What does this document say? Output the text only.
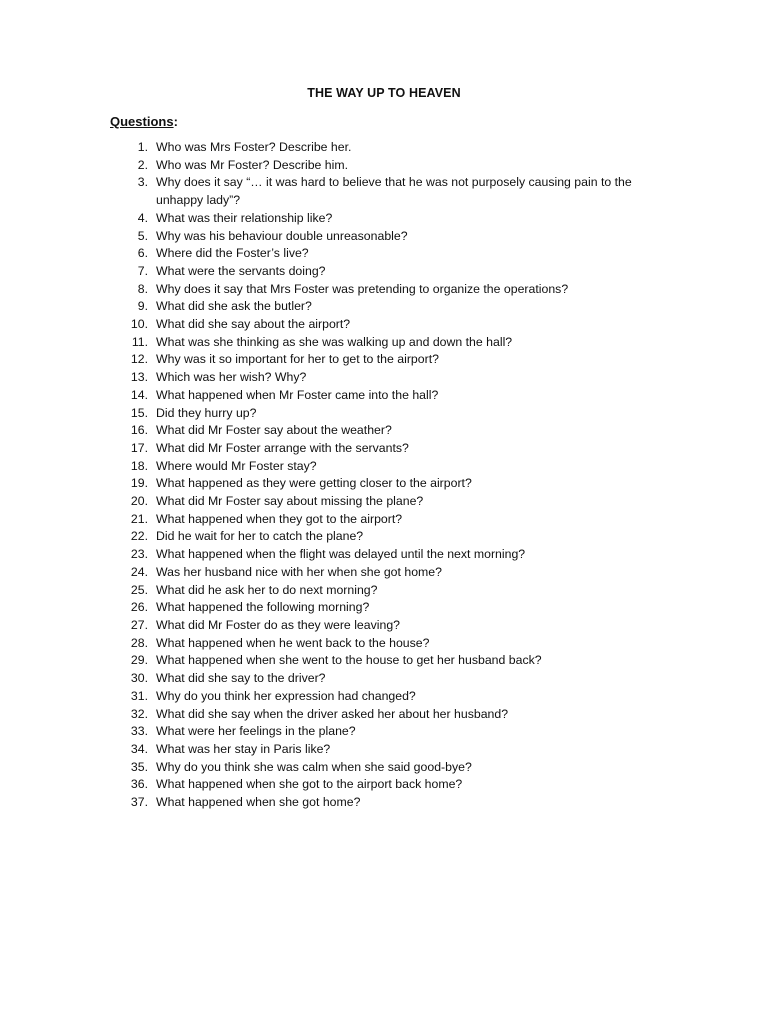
THE WAY UP TO HEAVEN
Questions:
1. Who was Mrs Foster? Describe her.
2. Who was Mr Foster? Describe him.
3. Why does it say “… it was hard to believe that he was not purposely causing pain to the unhappy lady”?
4. What was their relationship like?
5. Why was his behaviour double unreasonable?
6. Where did the Foster’s live?
7. What were the servants doing?
8. Why does it say that Mrs Foster was pretending to organize the operations?
9. What did she ask the butler?
10. What did she say about the airport?
11. What was she thinking as she was walking up and down the hall?
12. Why was it so important for her to get to the airport?
13. Which was her wish? Why?
14. What happened when Mr Foster came into the hall?
15. Did they hurry up?
16. What did Mr Foster say about the weather?
17. What did Mr Foster arrange with the servants?
18. Where would Mr Foster stay?
19. What happened as they were getting closer to the airport?
20. What did Mr Foster say about missing the plane?
21. What happened when they got to the airport?
22. Did he wait for her to catch the plane?
23. What happened when the flight was delayed until the next morning?
24. Was her husband nice with her when she got home?
25. What did he ask her to do next morning?
26. What happened the following morning?
27. What did Mr Foster do as they were leaving?
28. What happened when he went back to the house?
29. What happened when she went to the house to get her husband back?
30. What did she say to the driver?
31. Why do you think her expression had changed?
32. What did she say when the driver asked her about her husband?
33. What were her feelings in the plane?
34. What was her stay in Paris like?
35. Why do you think she was calm when she said good-bye?
36. What happened when she got to the airport back home?
37. What happened when she got home?
